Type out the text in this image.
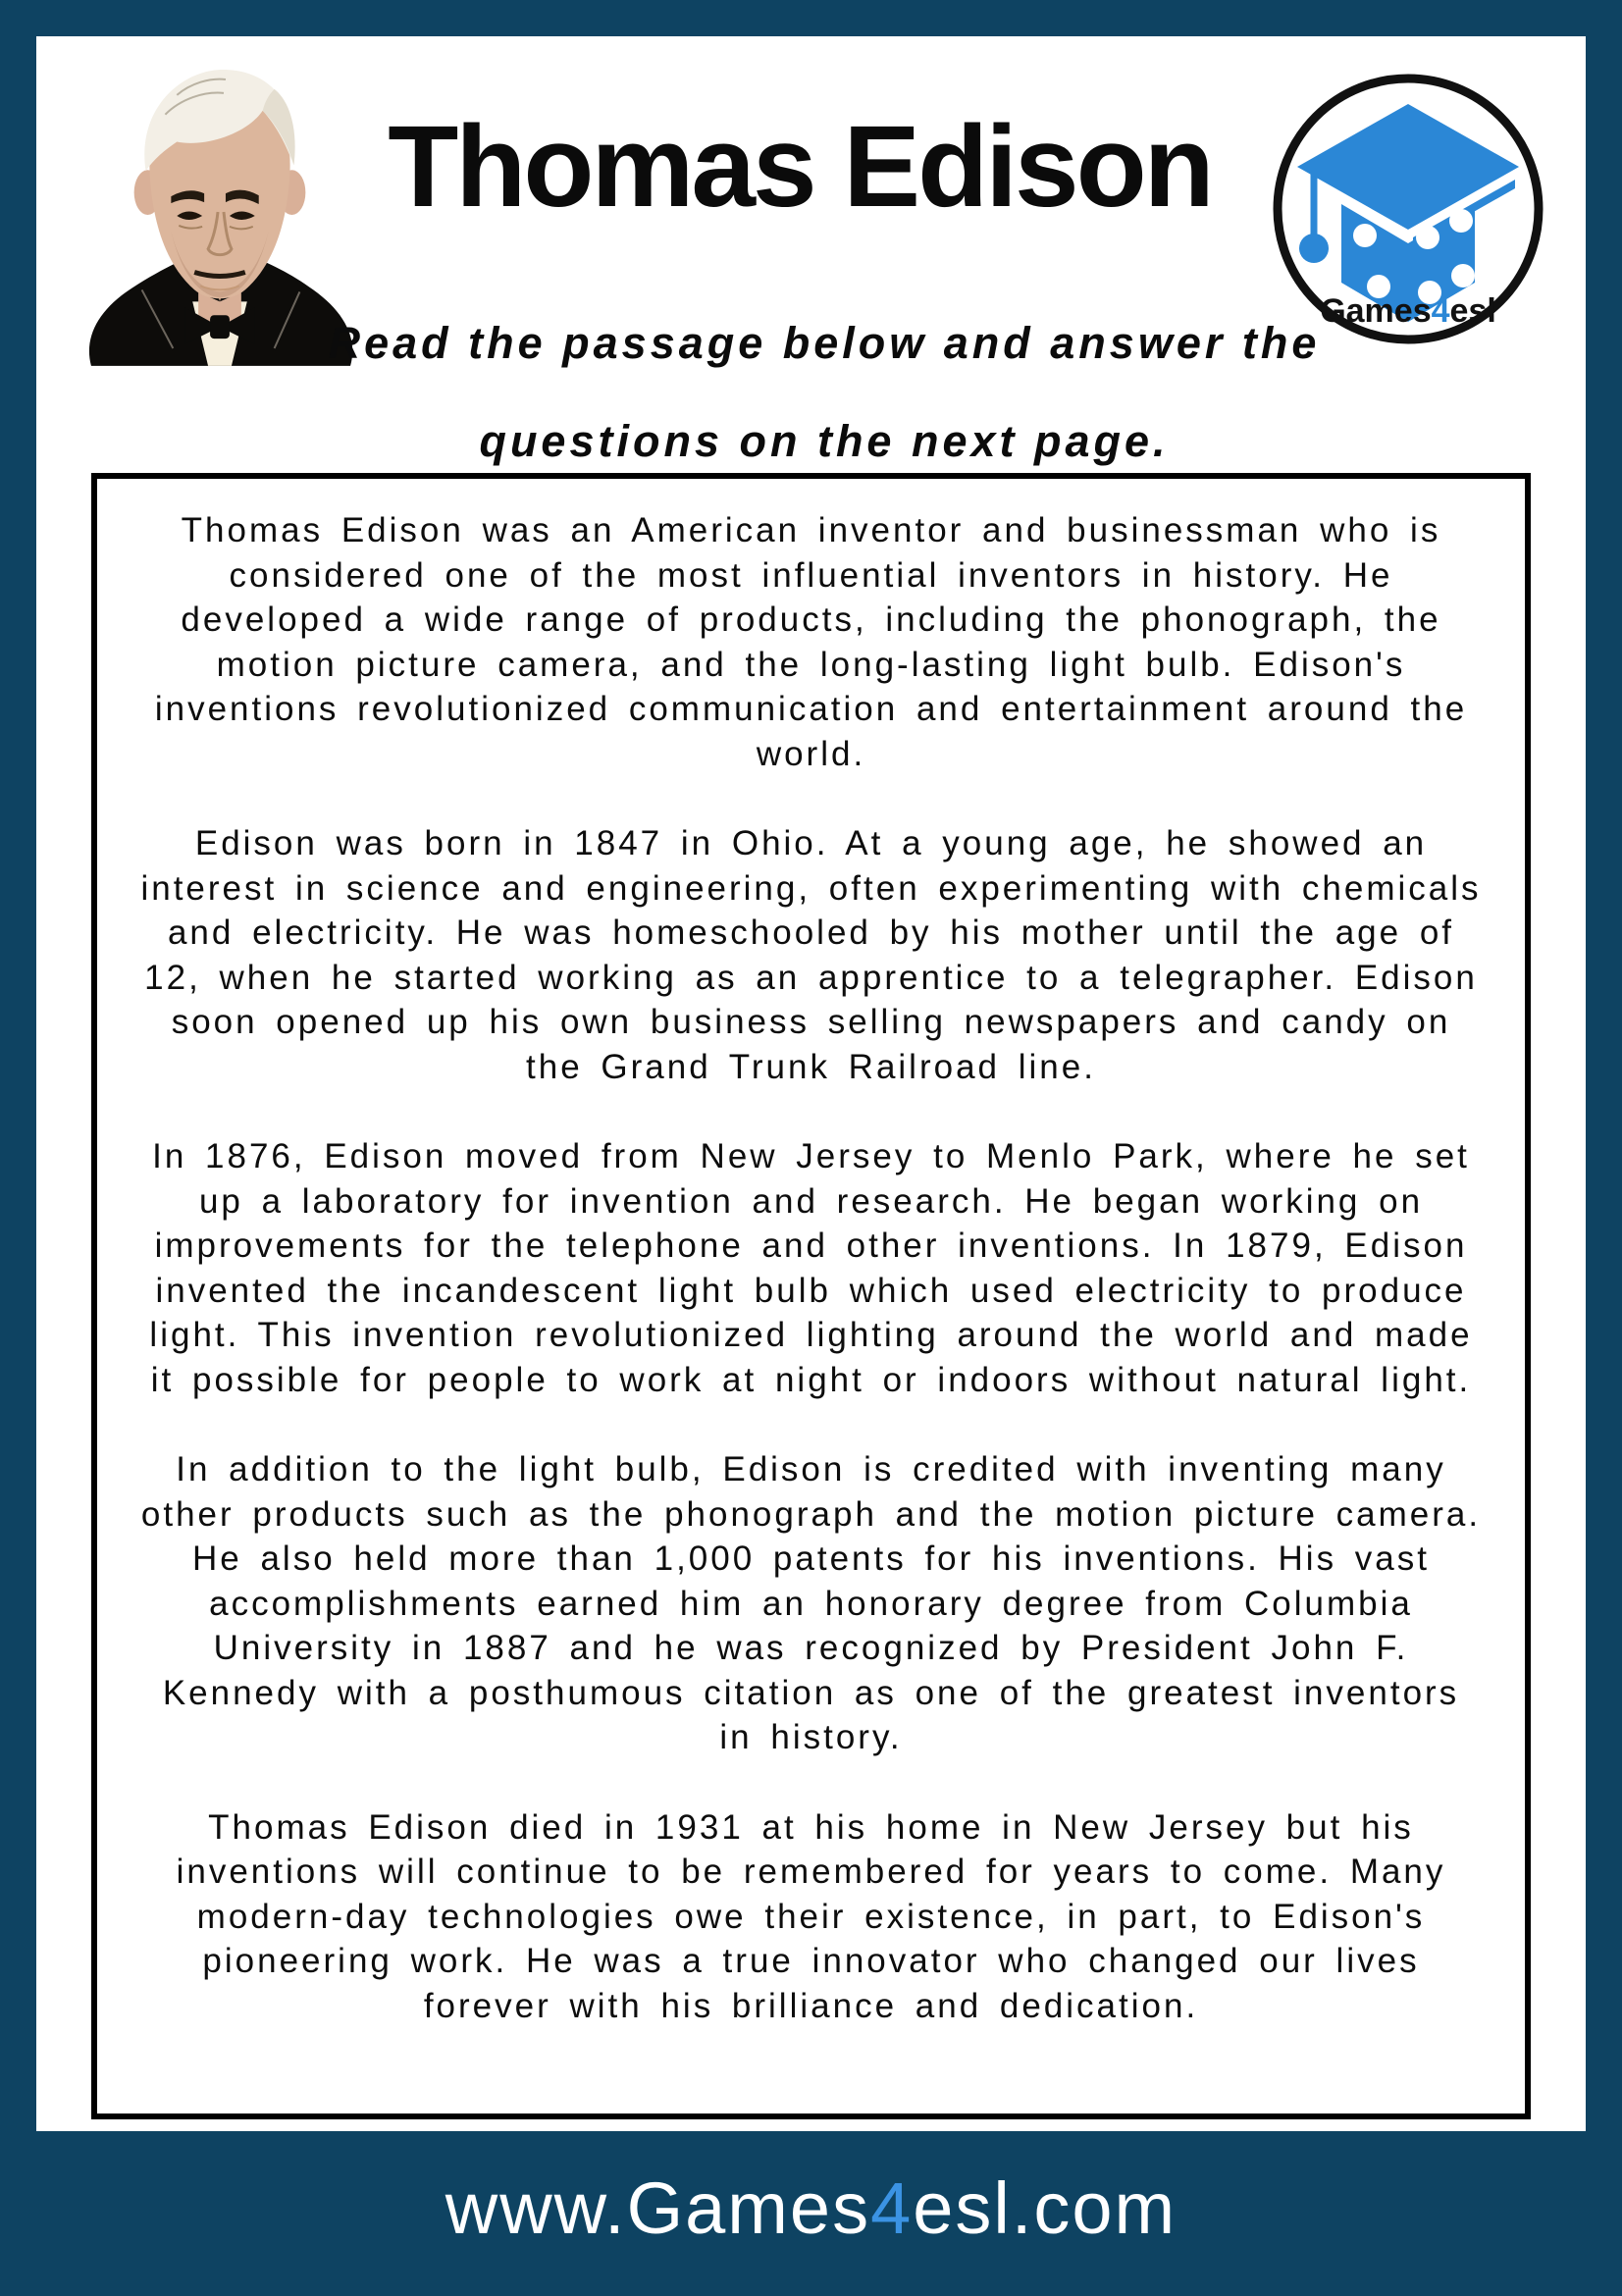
Thomas Edison
Games4esl
Read the passage below and answer the
questions on the next page.

Thomas Edison was an American inventor and businessman who is considered one of the most influential inventors in history. He developed a wide range of products, including the phonograph, the motion picture camera, and the long-lasting light bulb. Edison's inventions revolutionized communication and entertainment around the world.

Edison was born in 1847 in Ohio. At a young age, he showed an interest in science and engineering, often experimenting with chemicals and electricity. He was homeschooled by his mother until the age of 12, when he started working as an apprentice to a telegrapher. Edison soon opened up his own business selling newspapers and candy on the Grand Trunk Railroad line.

In 1876, Edison moved from New Jersey to Menlo Park, where he set up a laboratory for invention and research. He began working on improvements for the telephone and other inventions. In 1879, Edison invented the incandescent light bulb which used electricity to produce light. This invention revolutionized lighting around the world and made it possible for people to work at night or indoors without natural light.

In addition to the light bulb, Edison is credited with inventing many other products such as the phonograph and the motion picture camera. He also held more than 1,000 patents for his inventions. His vast accomplishments earned him an honorary degree from Columbia University in 1887 and he was recognized by President John F. Kennedy with a posthumous citation as one of the greatest inventors in history.

Thomas Edison died in 1931 at his home in New Jersey but his inventions will continue to be remembered for years to come. Many modern-day technologies owe their existence, in part, to Edison's pioneering work. He was a true innovator who changed our lives forever with his brilliance and dedication.

www.Games4esl.com
